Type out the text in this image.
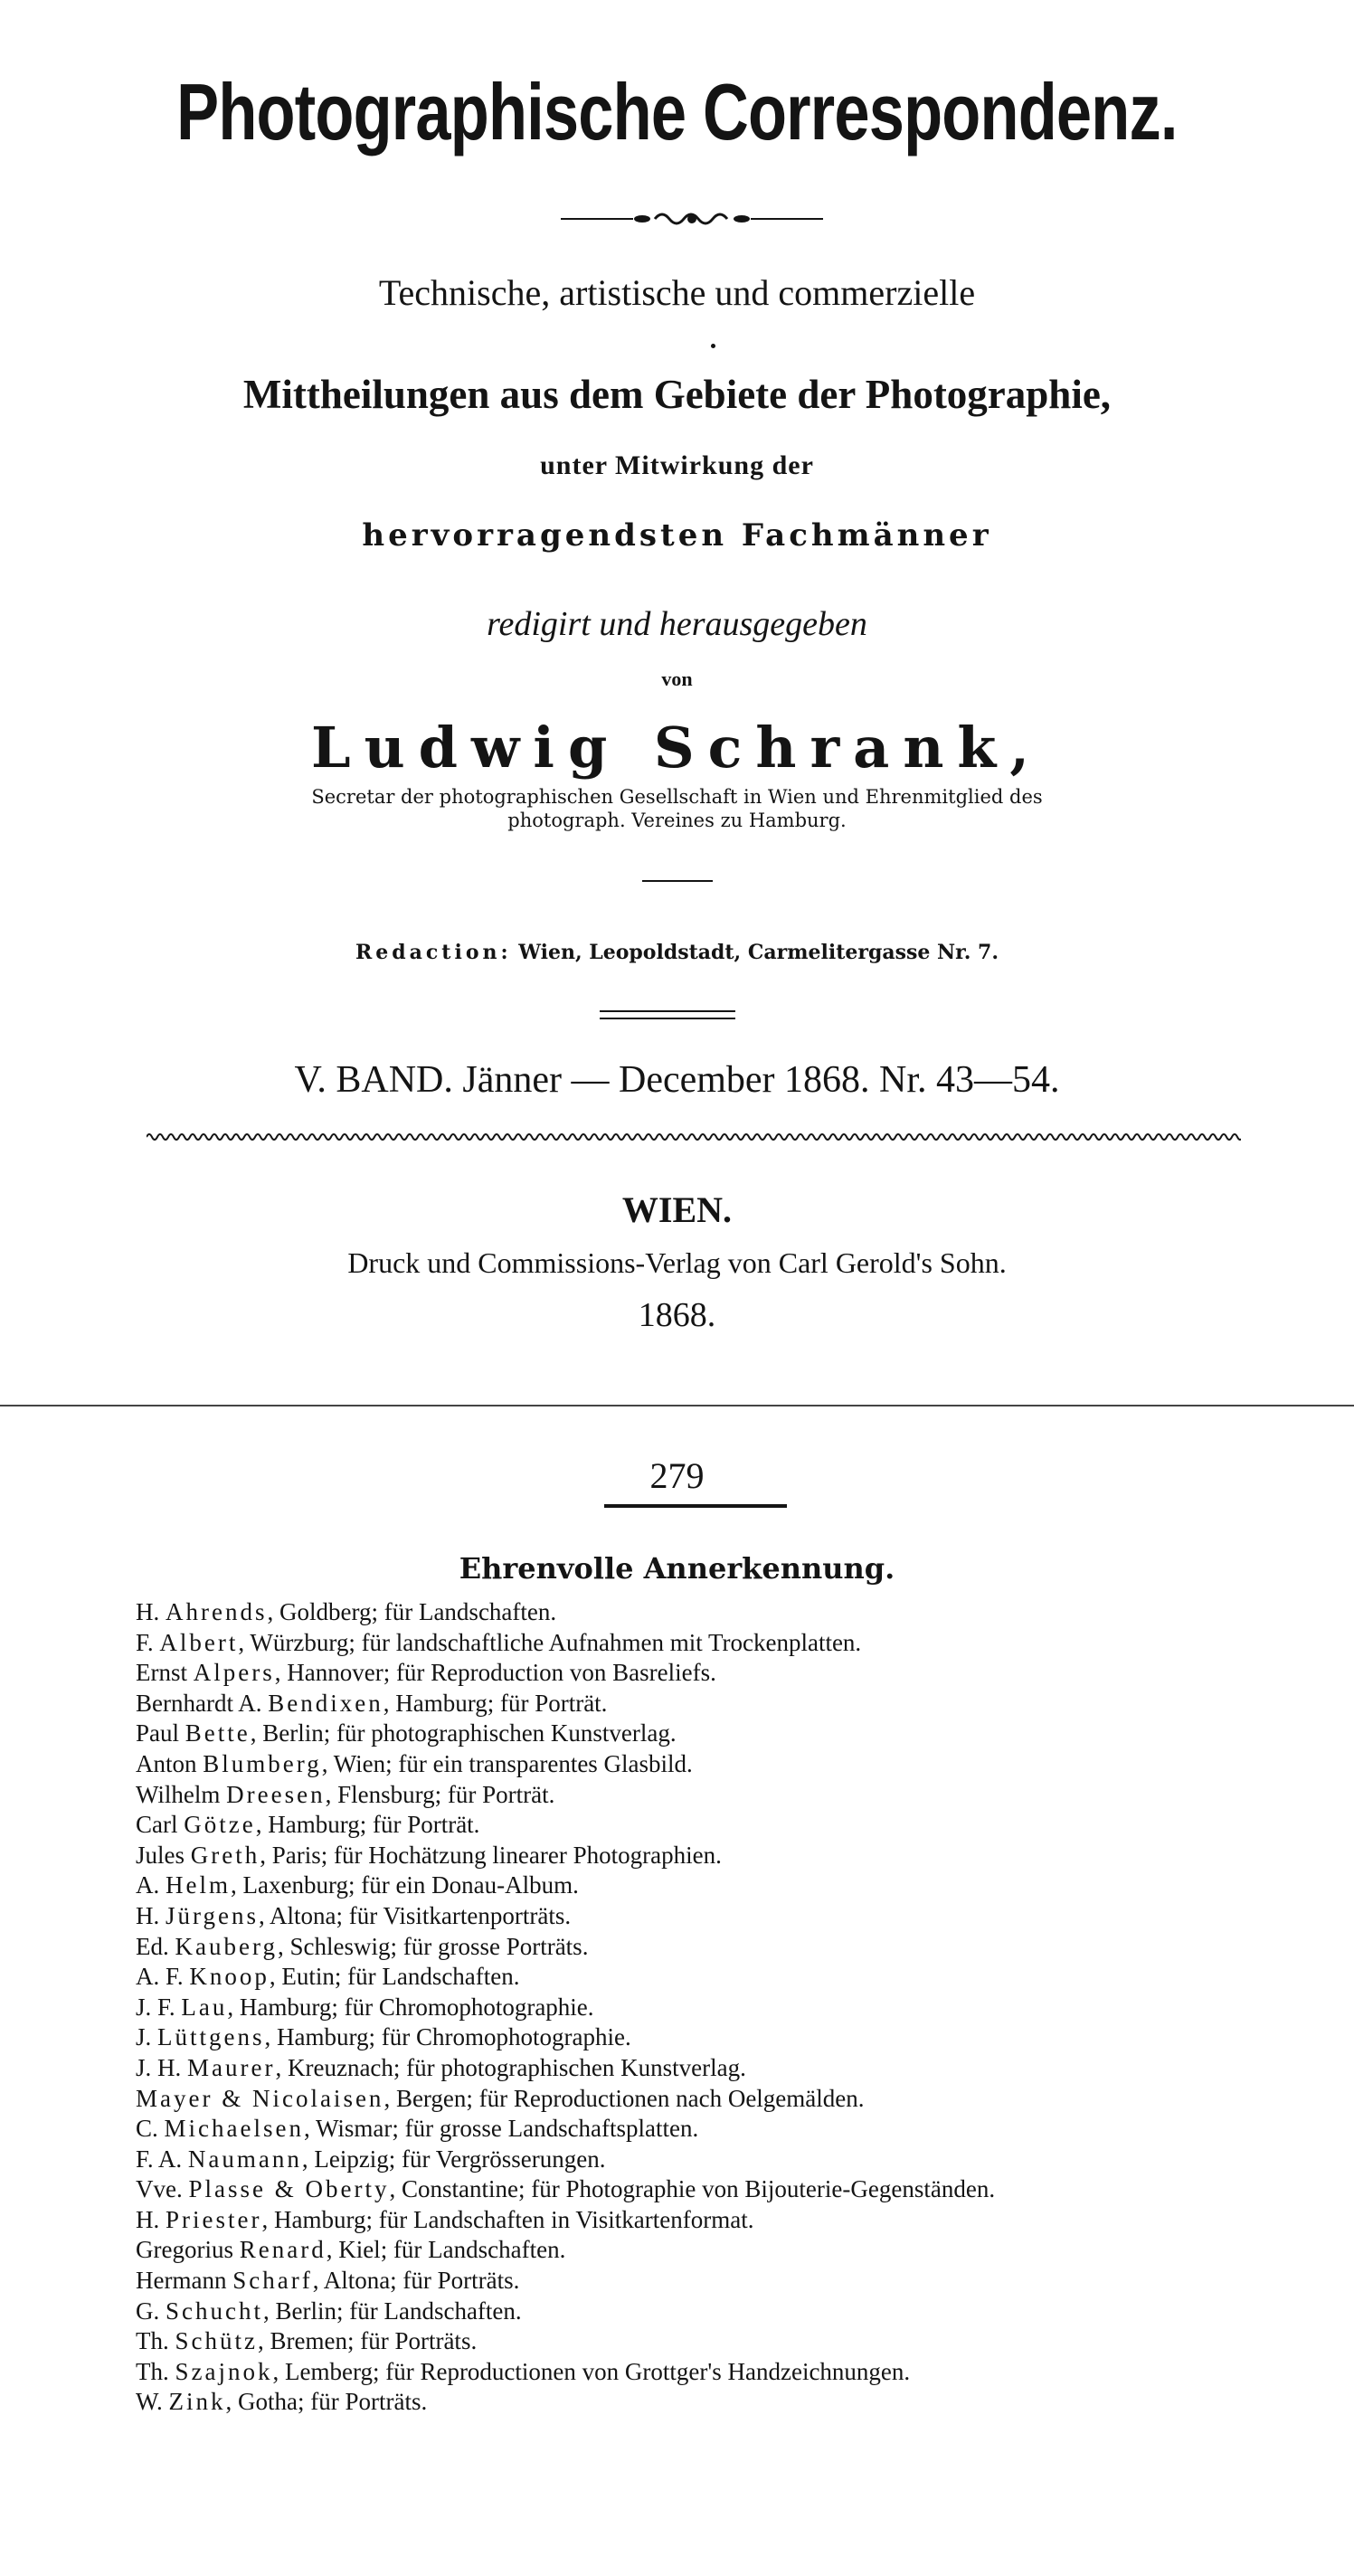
Photographische Correspondenz.
Technische, artistische und commerzielle
Mittheilungen aus dem Gebiete der Photographie,
unter Mitwirkung der
hervorragendsten Fachmänner
redigirt und herausgegeben
von
Ludwig Schrank,
Secretar der photographischen Gesellschaft in Wien und Ehrenmitglied des photograph. Vereines zu Hamburg.
Redaction: Wien, Leopoldstadt, Carmelitergasse Nr. 7.
V. BAND. Jänner — December 1868. Nr. 43—54.
WIEN.
Druck und Commissions-Verlag von Carl Gerold's Sohn.
1868.
279
Ehrenvolle Annerkennung.
H. Ahrends, Goldberg; für Landschaften.
F. Albert, Würzburg; für landschaftliche Aufnahmen mit Trockenplatten.
Ernst Alpers, Hannover; für Reproduction von Basreliefs.
Bernhardt A. Bendixen, Hamburg; für Porträt.
Paul Bette, Berlin; für photographischen Kunstverlag.
Anton Blumberg, Wien; für ein transparentes Glasbild.
Wilhelm Dreesen, Flensburg; für Porträt.
Carl Götze, Hamburg; für Porträt.
Jules Greth, Paris; für Hochätzung linearer Photographien.
A. Helm, Laxenburg; für ein Donau-Album.
H. Jürgens, Altona; für Visitkartenporträts.
Ed. Kauberg, Schleswig; für grosse Porträts.
A. F. Knoop, Eutin; für Landschaften.
J. F. Lau, Hamburg; für Chromophotographie.
J. Lüttgens, Hamburg; für Chromophotographie.
J. H. Maurer, Kreuznach; für photographischen Kunstverlag.
Mayer & Nicolaisen, Bergen; für Reproductionen nach Oelgemälden.
C. Michaelsen, Wismar; für grosse Landschaftsplatten.
F. A. Naumann, Leipzig; für Vergrösserungen.
Vve. Plasse & Oberty, Constantine; für Photographie von Bijouterie-Gegenständen.
H. Priester, Hamburg; für Landschaften in Visitkartenformat.
Gregorius Renard, Kiel; für Landschaften.
Hermann Scharf, Altona; für Porträts.
G. Schucht, Berlin; für Landschaften.
Th. Schütz, Bremen; für Porträts.
Th. Szajnok, Lemberg; für Reproductionen von Grottger's Handzeichnungen.
W. Zink, Gotha; für Porträts.
